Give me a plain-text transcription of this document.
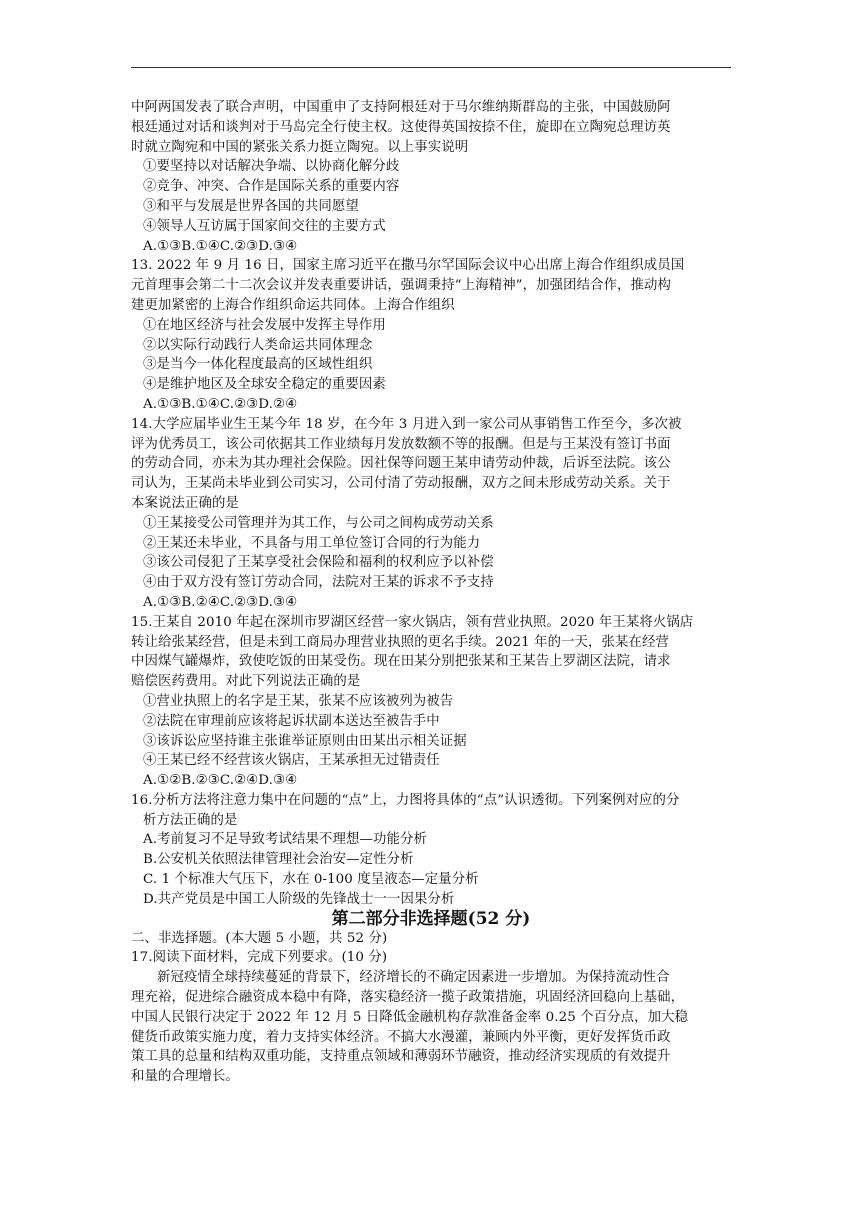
中阿两国发表了联合声明，中国重申了支持阿根廷对于马尔维纳斯群岛的主张，中国鼓励阿
根廷通过对话和谈判对于马岛完全行使主权。这使得英国按捺不住，旋即在立陶宛总理访英
时就立陶宛和中国的紧张关系力挺立陶宛。以上事实说明
①要坚持以对话解决争端、以协商化解分歧
②竞争、冲突、合作是国际关系的重要内容
③和平与发展是世界各国的共同愿望
④领导人互访属于国家间交往的主要方式
A.①③B.①④C.②③D.③④
13. 2022 年 9 月 16 日，国家主席习近平在撒马尔罕国际会议中心出席上海合作组织成员国
元首理事会第二十二次会议并发表重要讲话，强调秉持“上海精神”，加强团结合作，推动构
建更加紧密的上海合作组织命运共同体。上海合作组织
①在地区经济与社会发展中发挥主导作用
②以实际行动践行人类命运共同体理念
③是当今一体化程度最高的区域性组织
④是维护地区及全球安全稳定的重要因素
A.①③B.①④C.②③D.②④
14.大学应届毕业生王某今年 18 岁，在今年 3 月进入到一家公司从事销售工作至今，多次被
评为优秀员工，该公司依据其工作业绩每月发放数额不等的报酬。但是与王某没有签订书面
的劳动合同，亦未为其办理社会保险。因社保等问题王某申请劳动仲裁，后诉至法院。该公
司认为，王某尚未毕业到公司实习，公司付清了劳动报酬，双方之间未形成劳动关系。关于
本案说法正确的是
①王某接受公司管理并为其工作，与公司之间构成劳动关系
②王某还未毕业，不具备与用工单位签订合同的行为能力
③该公司侵犯了王某享受社会保险和福利的权利应予以补偿
④由于双方没有签订劳动合同，法院对王某的诉求不予支持
A.①③B.②④C.②③D.③④
15.王某自 2010 年起在深圳市罗湖区经营一家火锅店，领有营业执照。2020 年王某将火锅店
转让给张某经营，但是未到工商局办理营业执照的更名手续。2021 年的一天，张某在经营
中因煤气罐爆炸，致使吃饭的田某受伤。现在田某分别把张某和王某告上罗湖区法院，请求
赔偿医药费用。对此下列说法正确的是
①营业执照上的名字是王某，张某不应该被列为被告
②法院在审理前应该将起诉状副本送达至被告手中
③该诉讼应坚持谁主张谁举证原则由田某出示相关证据
④王某已经不经营该火锅店，王某承担无过错责任
A.①②B.②③C.②④D.③④
16.分析方法将注意力集中在问题的“点”上，力图将具体的“点”认识透彻。下列案例对应的分
析方法正确的是
A.考前复习不足导致考试结果不理想—功能分析
B.公安机关依照法律管理社会治安—定性分析
C. 1 个标准大气压下，水在 0-100 度呈液态—定量分析
D.共产党员是中国工人阶级的先锋战士一一因果分析
第二部分非选择题(52 分)
二、非选择题。(本大题 5 小题，共 52 分)
17.阅读下面材料，完成下列要求。(10 分)
新冠疫情全球持续蔓延的背景下，经济增长的不确定因素进一步增加。为保持流动性合
理充裕，促进综合融资成本稳中有降，落实稳经济一揽子政策措施，巩固经济回稳向上基础，
中国人民银行决定于 2022 年 12 月 5 日降低金融机构存款准备金率 0.25 个百分点，加大稳
健货币政策实施力度，着力支持实体经济。不搞大水漫灌，兼顾内外平衡，更好发挥货币政
策工具的总量和结构双重功能，支持重点领域和薄弱环节融资，推动经济实现质的有效提升
和量的合理增长。
